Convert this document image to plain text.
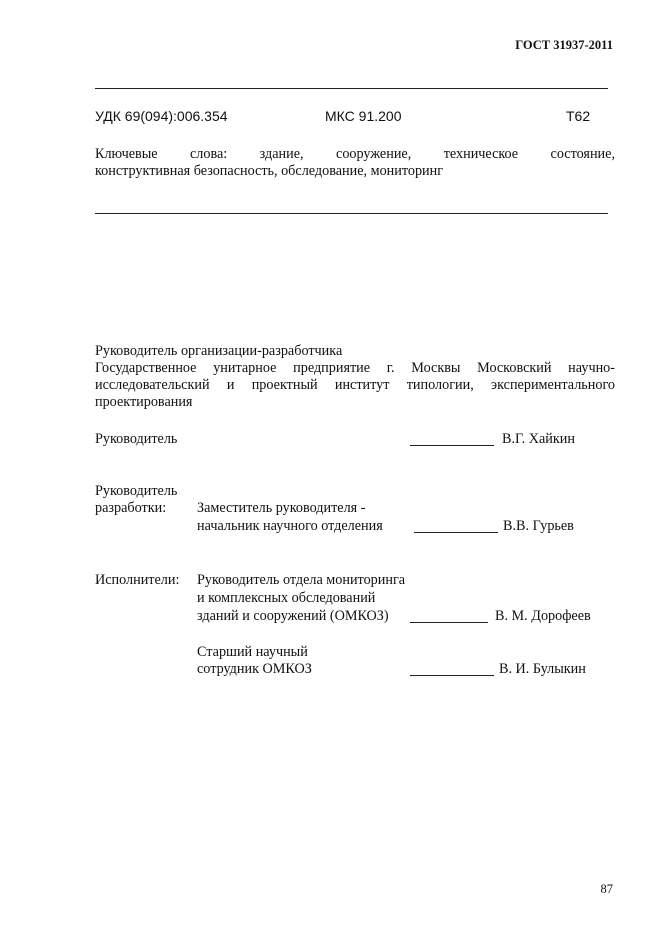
ГОСТ 31937-2011
УДК 69(094):006.354	МКС 91.200	Т62
Ключевые слова: здание, сооружение, техническое состояние,
конструктивная безопасность, обследование, мониторинг
Руководитель организации-разработчика
Государственное унитарное предприятие г. Москвы Московский научно-
исследовательский и проектный институт типологии, экспериментального
проектирования
Руководитель	В.Г. Хайкин
Руководитель
разработки: Заместитель руководителя -
начальник научного отделения	В.В. Гурьев
Исполнители: Руководитель отдела мониторинга
и комплексных обследований
зданий и сооружений (ОМКОЗ)	В. М. Дорофеев
Старший научный
сотрудник ОМКОЗ	В. И. Булыкин
87
